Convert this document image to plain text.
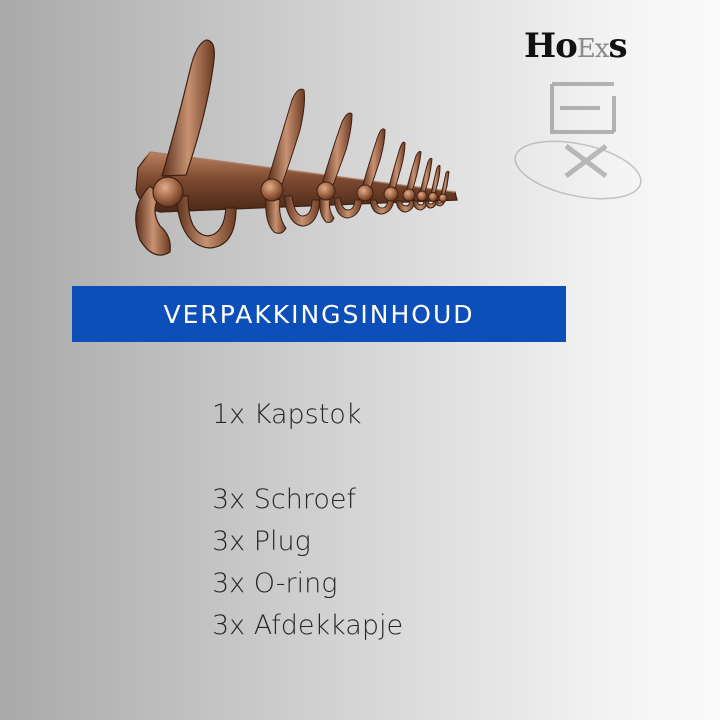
HoExs
VERPAKKINGSINHOUD
1x Kapstok
3x Schroef
3x Plug
3x O-ring
3x Afdekkapje
